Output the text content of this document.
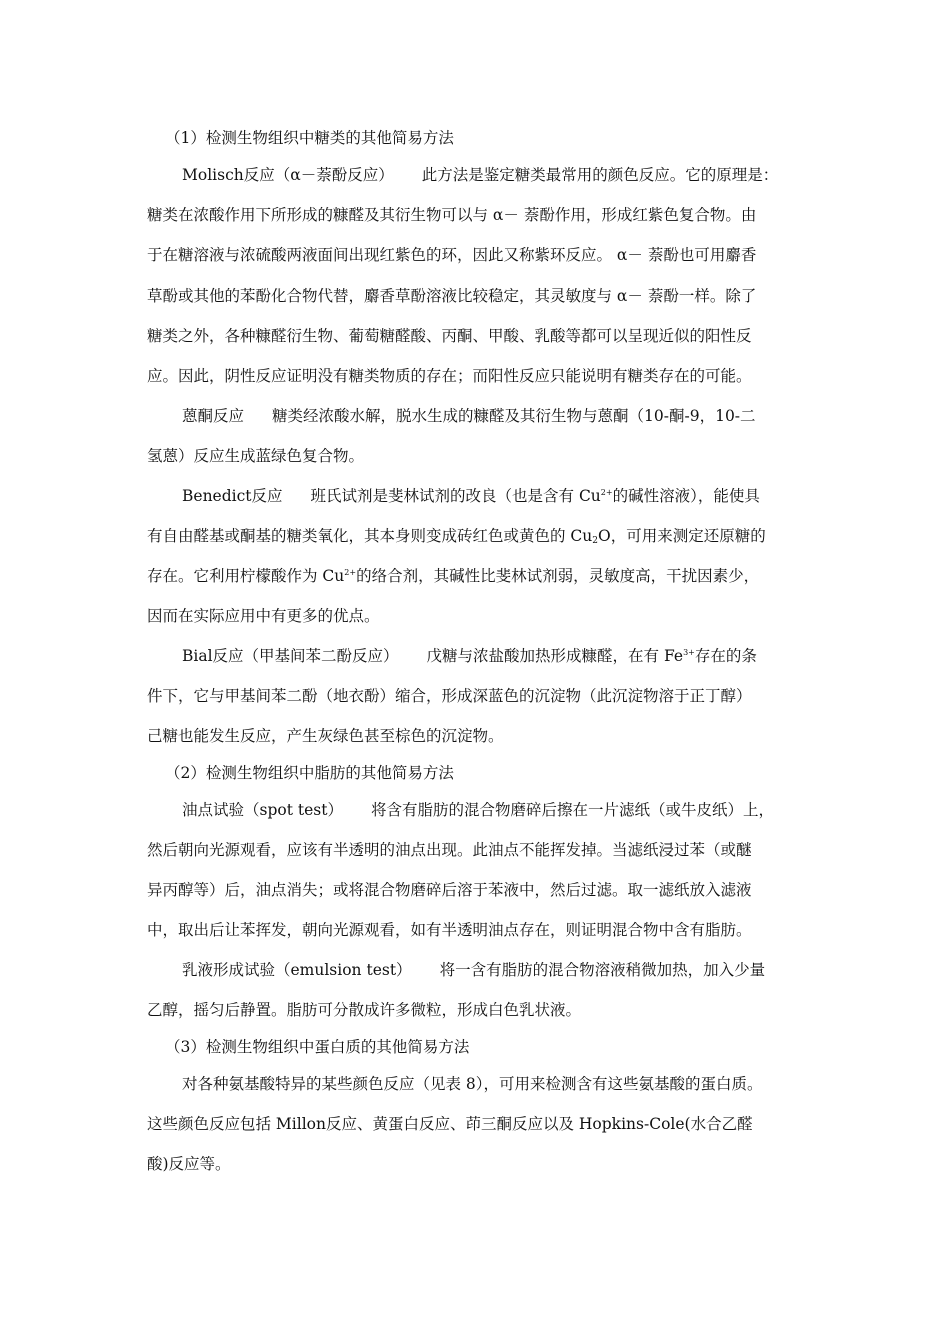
（1）检测生物组织中糖类的其他简易方法
Molisch反应（α－萘酚反应） 此方法是鉴定糖类最常用的颜色反应。它的原理是：
糖类在浓酸作用下所形成的糠醛及其衍生物可以与 α－ 萘酚作用，形成红紫色复合物。由
于在糖溶液与浓硫酸两液面间出现红紫色的环，因此又称紫环反应。 α－ 萘酚也可用麝香
草酚或其他的苯酚化合物代替，麝香草酚溶液比较稳定，其灵敏度与 α－ 萘酚一样。除了
糖类之外，各种糠醛衍生物、葡萄糖醛酸、丙酮、甲酸、乳酸等都可以呈现近似的阳性反
应。因此，阴性反应证明没有糖类物质的存在；而阳性反应只能说明有糖类存在的可能。
蒽酮反应 糖类经浓酸水解，脱水生成的糠醛及其衍生物与蒽酮（10-酮-9，10-二
氢蒽）反应生成蓝绿色复合物。
Benedict反应 班氏试剂是斐林试剂的改良（也是含有 $Cu^{2+}$的碱性溶液），能使具
有自由醛基或酮基的糖类氧化，其本身则变成砖红色或黄色的 $Cu_2O$，可用来测定还原糖的
存在。它利用柠檬酸作为 $Cu^{2+}$的络合剂，其碱性比斐林试剂弱，灵敏度高，干扰因素少，
因而在实际应用中有更多的优点。
Bial反应（甲基间苯二酚反应） 戊糖与浓盐酸加热形成糠醛，在有 $Fe^{3+}$存在的条
件下，它与甲基间苯二酚（地衣酚）缩合，形成深蓝色的沉淀物（此沉淀物溶于正丁醇）
己糖也能发生反应，产生灰绿色甚至棕色的沉淀物。
（2）检测生物组织中脂肪的其他简易方法
油点试验（spot test） 将含有脂肪的混合物磨碎后擦在一片滤纸（或牛皮纸）上，
然后朝向光源观看，应该有半透明的油点出现。此油点不能挥发掉。当滤纸浸过苯（或醚
异丙醇等）后，油点消失；或将混合物磨碎后溶于苯液中，然后过滤。取一滤纸放入滤液
中，取出后让苯挥发，朝向光源观看，如有半透明油点存在，则证明混合物中含有脂肪。
乳液形成试验（emulsion test） 将一含有脂肪的混合物溶液稍微加热，加入少量
乙醇，摇匀后静置。脂肪可分散成许多微粒，形成白色乳状液。
（3）检测生物组织中蛋白质的其他简易方法
对各种氨基酸特异的某些颜色反应（见表 8），可用来检测含有这些氨基酸的蛋白质。
这些颜色反应包括 Millon反应、黄蛋白反应、茚三酮反应以及 Hopkins-Cole(水合乙醛
酸)反应等。
